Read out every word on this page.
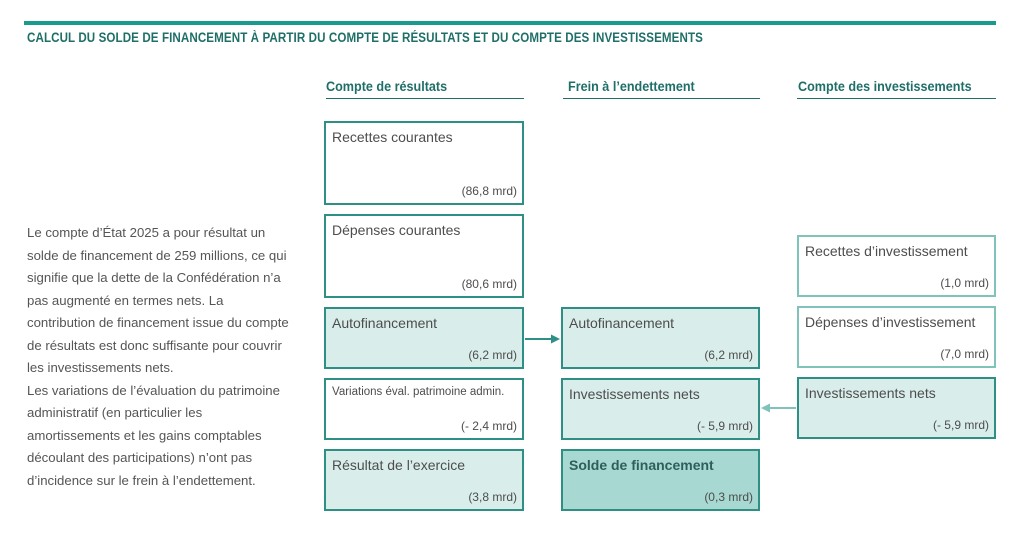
CALCUL DU SOLDE DE FINANCEMENT À PARTIR DU COMPTE DE RÉSULTATS ET DU COMPTE DES INVESTISSEMENTS
Compte de résultats	Frein à l’endettement	Compte des investissements

Le compte d’État 2025 a pour résultat un solde de financement de 259 millions, ce qui signifie que la dette de la Confédération n’a pas augmenté en termes nets. La contribution de financement issue du compte de résultats est donc suffisante pour couvrir les investissements nets.

Les variations de l’évaluation du patrimoine administratif (en particulier les amortissements et les gains comptables découlant des participations) n’ont pas d’incidence sur le frein à l’endettement.

Recettes courantes
(86,8 mrd)
Dépenses courantes
(80,6 mrd)
Autofinancement
(6,2 mrd)
Variations éval. patrimoine admin.
(- 2,4 mrd)
Résultat de l’exercice
(3,8 mrd)
Autofinancement
(6,2 mrd)
Investissements nets
(- 5,9 mrd)
Solde de financement
(0,3 mrd)
Recettes d’investissement
(1,0 mrd)
Dépenses d’investissement
(7,0 mrd)
Investissements nets
(- 5,9 mrd)
